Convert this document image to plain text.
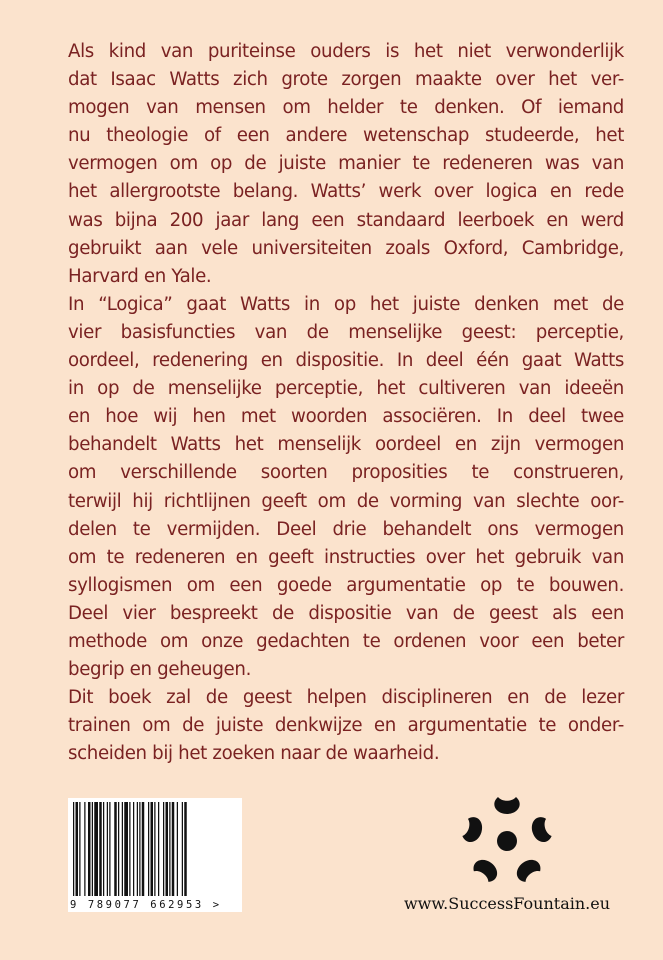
Als kind van puriteinse ouders is het niet verwonderlijk
dat Isaac Watts zich grote zorgen maakte over het ver-
mogen van mensen om helder te denken. Of iemand
nu theologie of een andere wetenschap studeerde, het
vermogen om op de juiste manier te redeneren was van
het allergrootste belang. Watts’ werk over logica en rede
was bijna 200 jaar lang een standaard leerboek en werd
gebruikt aan vele universiteiten zoals Oxford, Cambridge,
Harvard en Yale.
In “Logica” gaat Watts in op het juiste denken met de
vier basisfuncties van de menselijke geest: perceptie,
oordeel, redenering en dispositie. In deel één gaat Watts
in op de menselijke perceptie, het cultiveren van ideeën
en hoe wij hen met woorden associëren. In deel twee
behandelt Watts het menselijk oordeel en zijn vermogen
om verschillende soorten proposities te construeren,
terwijl hij richtlijnen geeft om de vorming van slechte oor-
delen te vermijden. Deel drie behandelt ons vermogen
om te redeneren en geeft instructies over het gebruik van
syllogismen om een goede argumentatie op te bouwen.
Deel vier bespreekt de dispositie van de geest als een
methode om onze gedachten te ordenen voor een beter
begrip en geheugen.
Dit boek zal de geest helpen disciplineren en de lezer
trainen om de juiste denkwijze en argumentatie te onder-
scheiden bij het zoeken naar de waarheid.
9 789077 662953 >	www.SuccessFountain.eu
